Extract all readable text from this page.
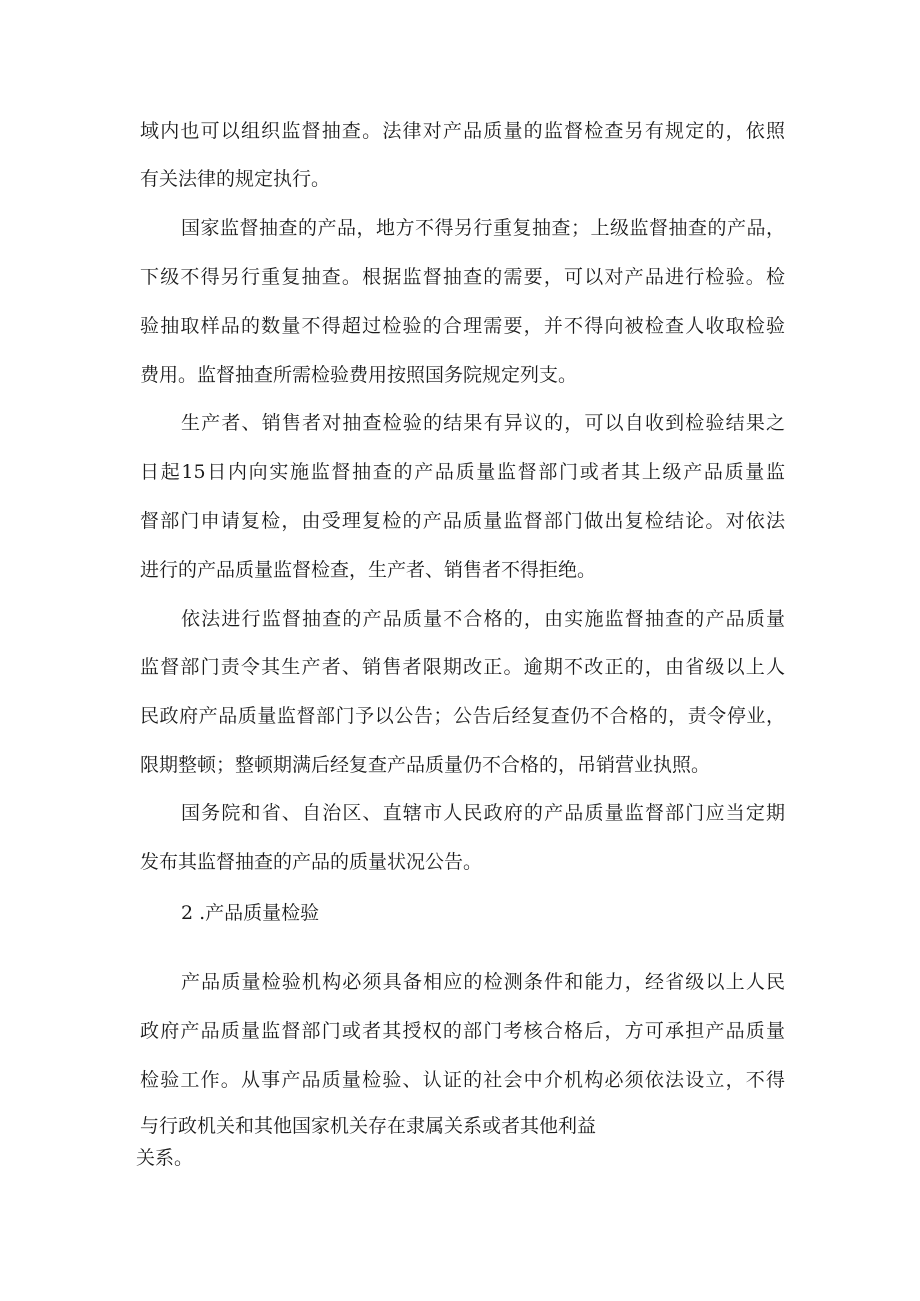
域内也可以组织监督抽查。法律对产品质量的监督检查另有规定的，依照
有关法律的规定执行。
国家监督抽查的产品，地方不得另行重复抽查；上级监督抽查的产品，
下级不得另行重复抽查。根据监督抽查的需要，可以对产品进行检验。检
验抽取样品的数量不得超过检验的合理需要，并不得向被检查人收取检验
费用。监督抽查所需检验费用按照国务院规定列支。
生产者、销售者对抽查检验的结果有异议的，可以自收到检验结果之
日起15日内向实施监督抽查的产品质量监督部门或者其上级产品质量监
督部门申请复检，由受理复检的产品质量监督部门做出复检结论。对依法
进行的产品质量监督检查，生产者、销售者不得拒绝。
依法进行监督抽查的产品质量不合格的，由实施监督抽查的产品质量
监督部门责令其生产者、销售者限期改正。逾期不改正的，由省级以上人
民政府产品质量监督部门予以公告；公告后经复查仍不合格的，责令停业，
限期整顿；整顿期满后经复查产品质量仍不合格的，吊销营业执照。
国务院和省、自治区、直辖市人民政府的产品质量监督部门应当定期
发布其监督抽查的产品的质量状况公告。
2 .产品质量检验
产品质量检验机构必须具备相应的检测条件和能力，经省级以上人民
政府产品质量监督部门或者其授权的部门考核合格后，方可承担产品质量
检验工作。从事产品质量检验、认证的社会中介机构必须依法设立，不得
与行政机关和其他国家机关存在隶属关系或者其他利益
关系。
